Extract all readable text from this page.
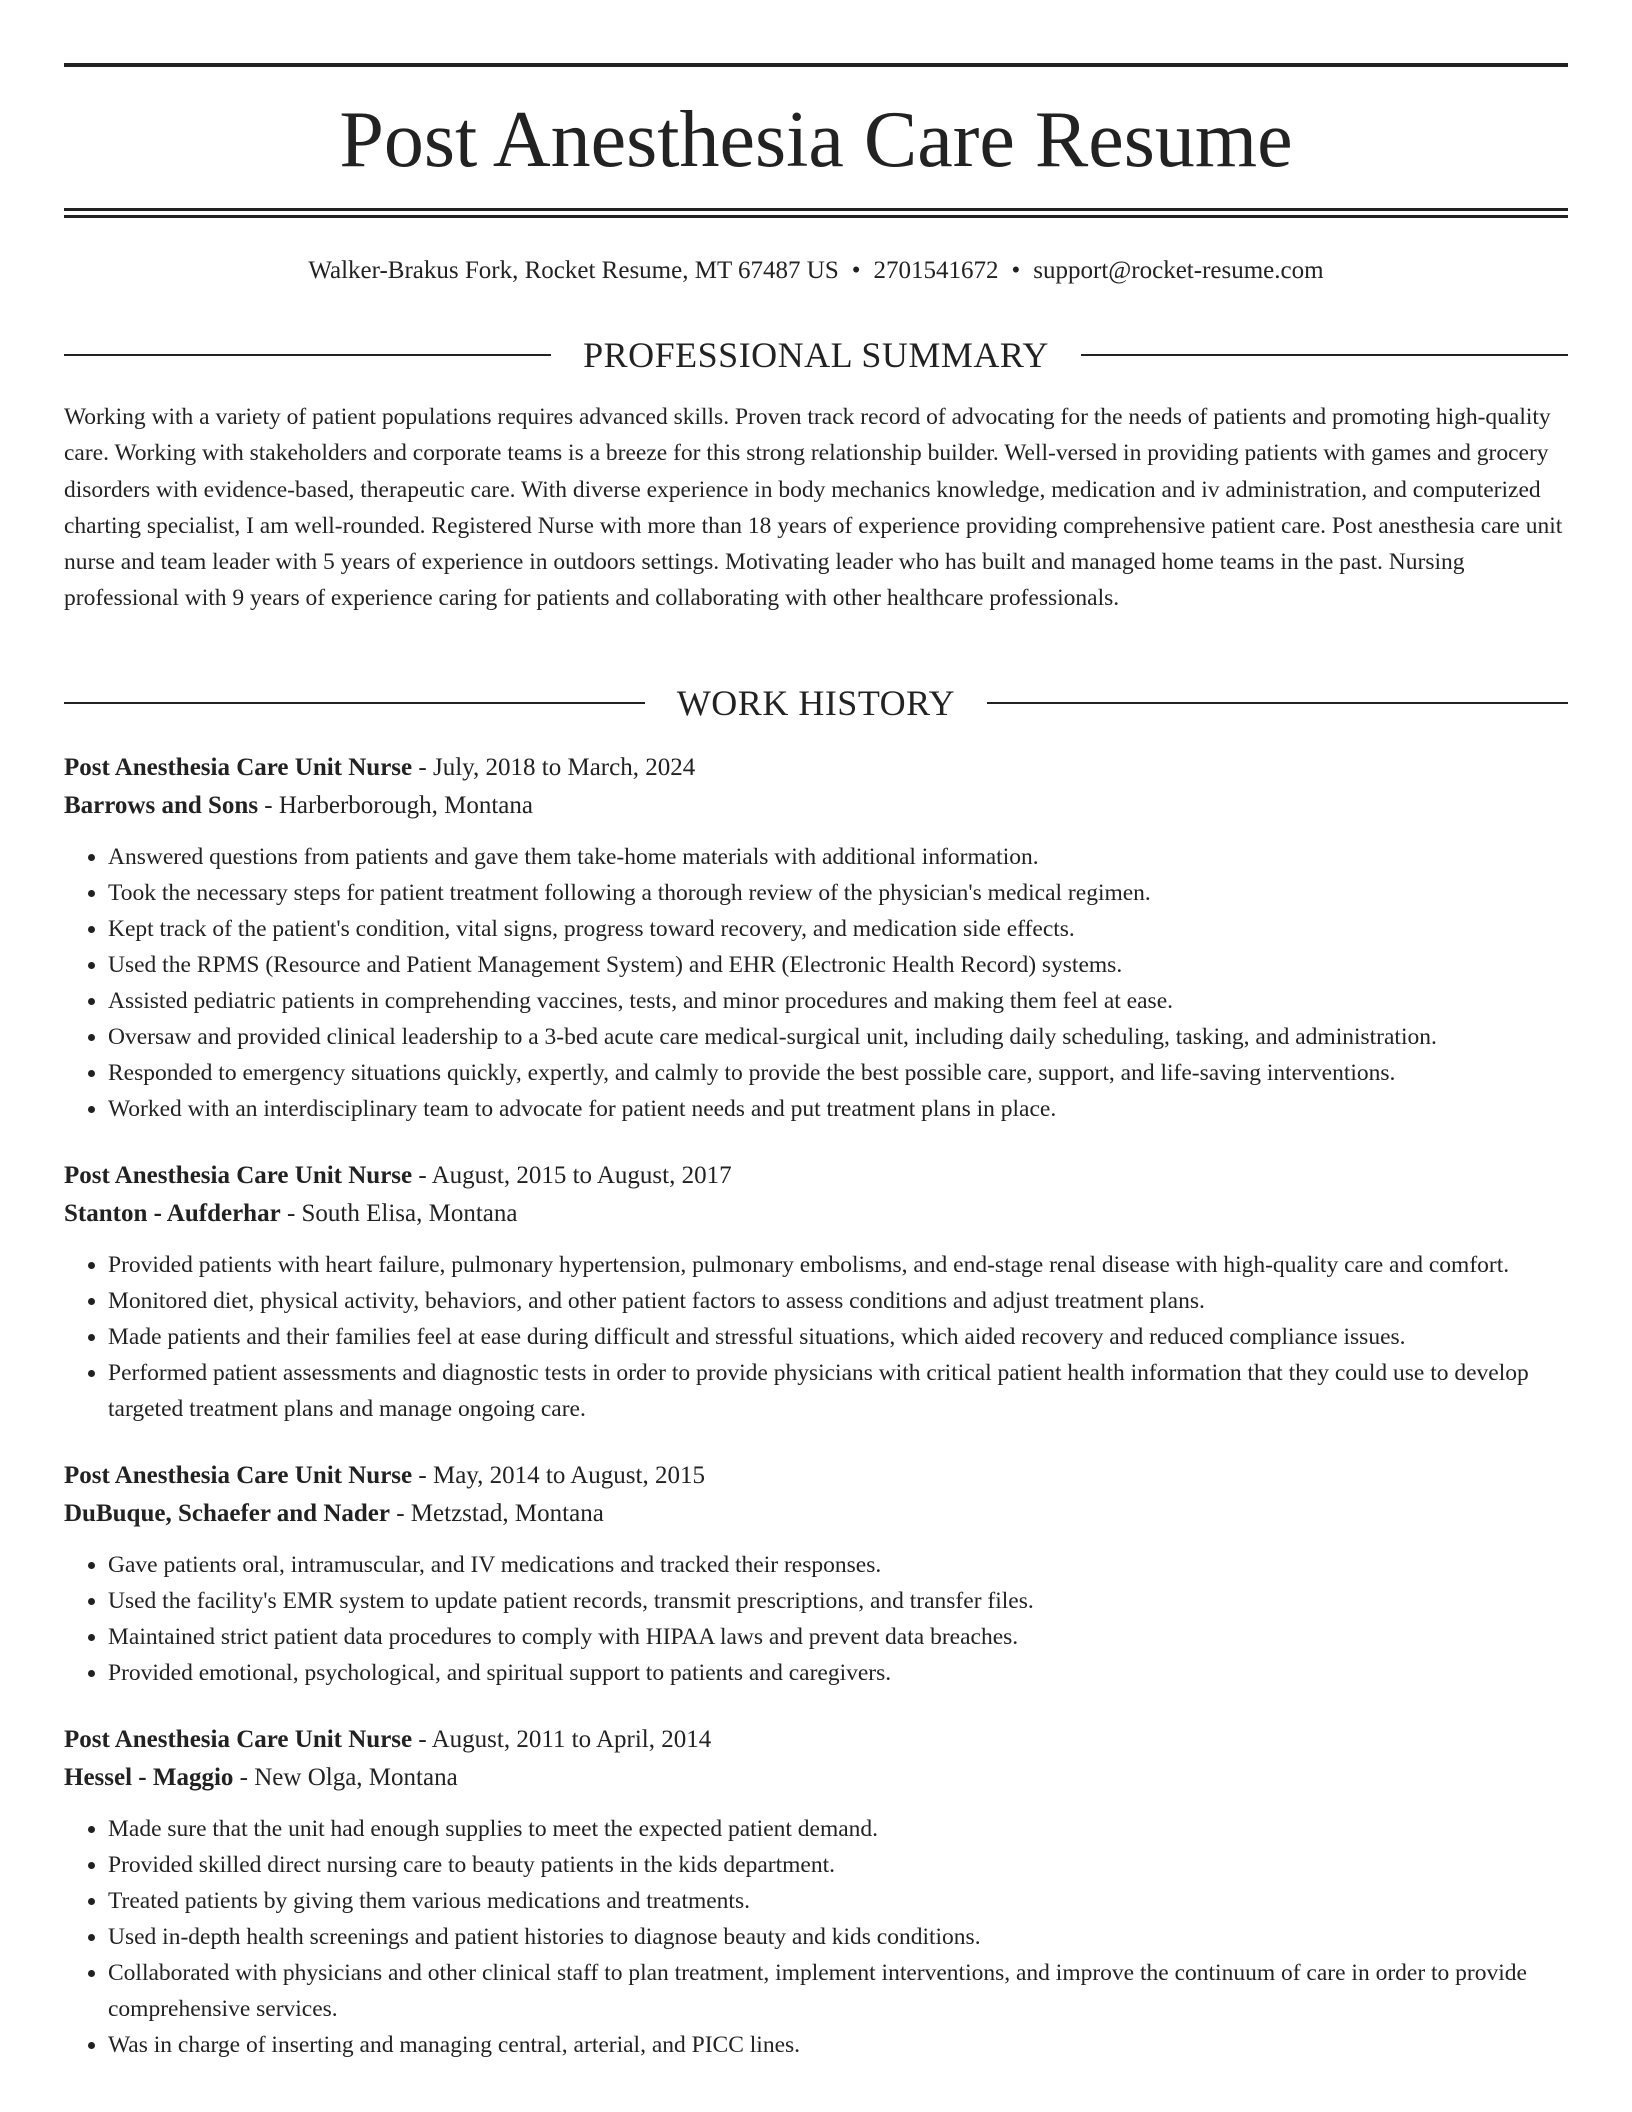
Post Anesthesia Care Resume
Walker-Brakus Fork, Rocket Resume, MT 67487 US • 2701541672 • support@rocket-resume.com
PROFESSIONAL SUMMARY

Working with a variety of patient populations requires advanced skills. Proven track record of advocating for the needs of patients and promoting high-quality care. Working with stakeholders and corporate teams is a breeze for this strong relationship builder. Well-versed in providing patients with games and grocery disorders with evidence-based, therapeutic care. With diverse experience in body mechanics knowledge, medication and iv administration, and computerized charting specialist, I am well-rounded. Registered Nurse with more than 18 years of experience providing comprehensive patient care. Post anesthesia care unit nurse and team leader with 5 years of experience in outdoors settings. Motivating leader who has built and managed home teams in the past. Nursing professional with 9 years of experience caring for patients and collaborating with other healthcare professionals.

WORK HISTORY
Post Anesthesia Care Unit Nurse - July, 2018 to March, 2024
Barrows and Sons - Harberborough, Montana
• Answered questions from patients and gave them take-home materials with additional information.
• Took the necessary steps for patient treatment following a thorough review of the physician's medical regimen.
• Kept track of the patient's condition, vital signs, progress toward recovery, and medication side effects.
• Used the RPMS (Resource and Patient Management System) and EHR (Electronic Health Record) systems.
• Assisted pediatric patients in comprehending vaccines, tests, and minor procedures and making them feel at ease.
• Oversaw and provided clinical leadership to a 3-bed acute care medical-surgical unit, including daily scheduling, tasking, and administration.
• Responded to emergency situations quickly, expertly, and calmly to provide the best possible care, support, and life-saving interventions.
• Worked with an interdisciplinary team to advocate for patient needs and put treatment plans in place.
Post Anesthesia Care Unit Nurse - August, 2015 to August, 2017
Stanton - Aufderhar - South Elisa, Montana
• Provided patients with heart failure, pulmonary hypertension, pulmonary embolisms, and end-stage renal disease with high-quality care and comfort.
• Monitored diet, physical activity, behaviors, and other patient factors to assess conditions and adjust treatment plans.
• Made patients and their families feel at ease during difficult and stressful situations, which aided recovery and reduced compliance issues.
• Performed patient assessments and diagnostic tests in order to provide physicians with critical patient health information that they could use to develop targeted treatment plans and manage ongoing care.
Post Anesthesia Care Unit Nurse - May, 2014 to August, 2015
DuBuque, Schaefer and Nader - Metzstad, Montana
• Gave patients oral, intramuscular, and IV medications and tracked their responses.
• Used the facility's EMR system to update patient records, transmit prescriptions, and transfer files.
• Maintained strict patient data procedures to comply with HIPAA laws and prevent data breaches.
• Provided emotional, psychological, and spiritual support to patients and caregivers.
Post Anesthesia Care Unit Nurse - August, 2011 to April, 2014
Hessel - Maggio - New Olga, Montana
• Made sure that the unit had enough supplies to meet the expected patient demand.
• Provided skilled direct nursing care to beauty patients in the kids department.
• Treated patients by giving them various medications and treatments.
• Used in-depth health screenings and patient histories to diagnose beauty and kids conditions.
• Collaborated with physicians and other clinical staff to plan treatment, implement interventions, and improve the continuum of care in order to provide comprehensive services.
• Was in charge of inserting and managing central, arterial, and PICC lines.
